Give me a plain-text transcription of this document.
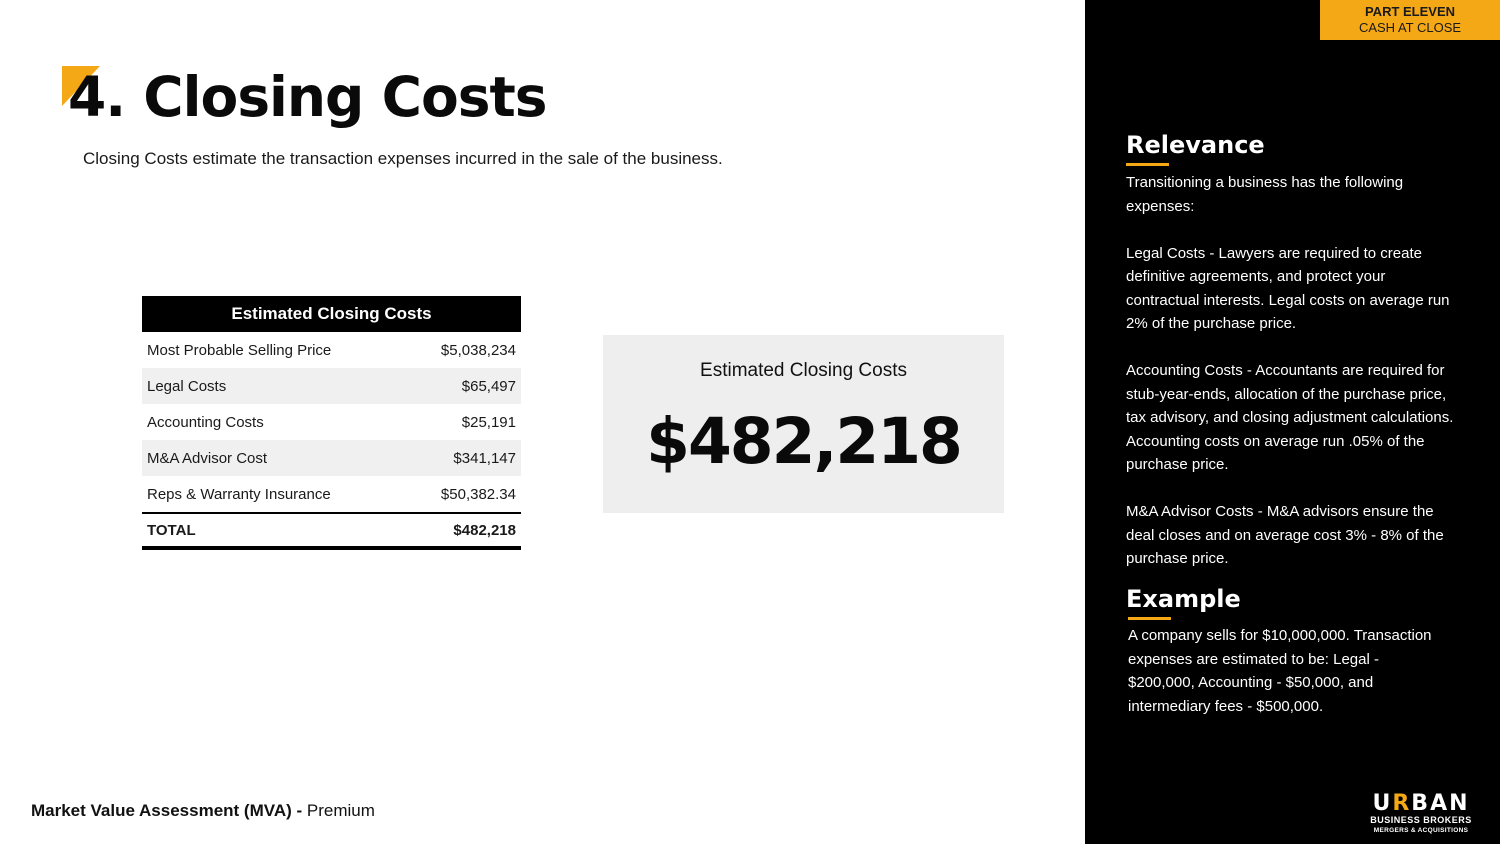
4. Closing Costs
Closing Costs estimate the transaction expenses incurred in the sale of the business.
Estimated Closing Costs
Most Probable Selling Price	$5,038,234
Legal Costs	$65,497
Accounting Costs	$25,191
M&A Advisor Cost	$341,147
Reps & Warranty Insurance	$50,382.34
TOTAL	$482,218
Estimated Closing Costs
$482,218
Market Value Assessment (MVA) - Premium
PART ELEVEN
CASH AT CLOSE
Relevance
Transitioning a business has the following expenses:

Legal Costs - Lawyers are required to create definitive agreements, and protect your contractual interests. Legal costs on average run 2% of the purchase price.

Accounting Costs - Accountants are required for stub-year-ends, allocation of the purchase price, tax advisory, and closing adjustment calculations. Accounting costs on average run .05% of the purchase price.

M&A Advisor Costs - M&A advisors ensure the deal closes and on average cost 3% - 8% of the purchase price.
Example
A company sells for $10,000,000. Transaction expenses are estimated to be: Legal - $200,000, Accounting - $50,000, and intermediary fees - $500,000.
URBAN
BUSINESS BROKERS
MERGERS & ACQUISITIONS
